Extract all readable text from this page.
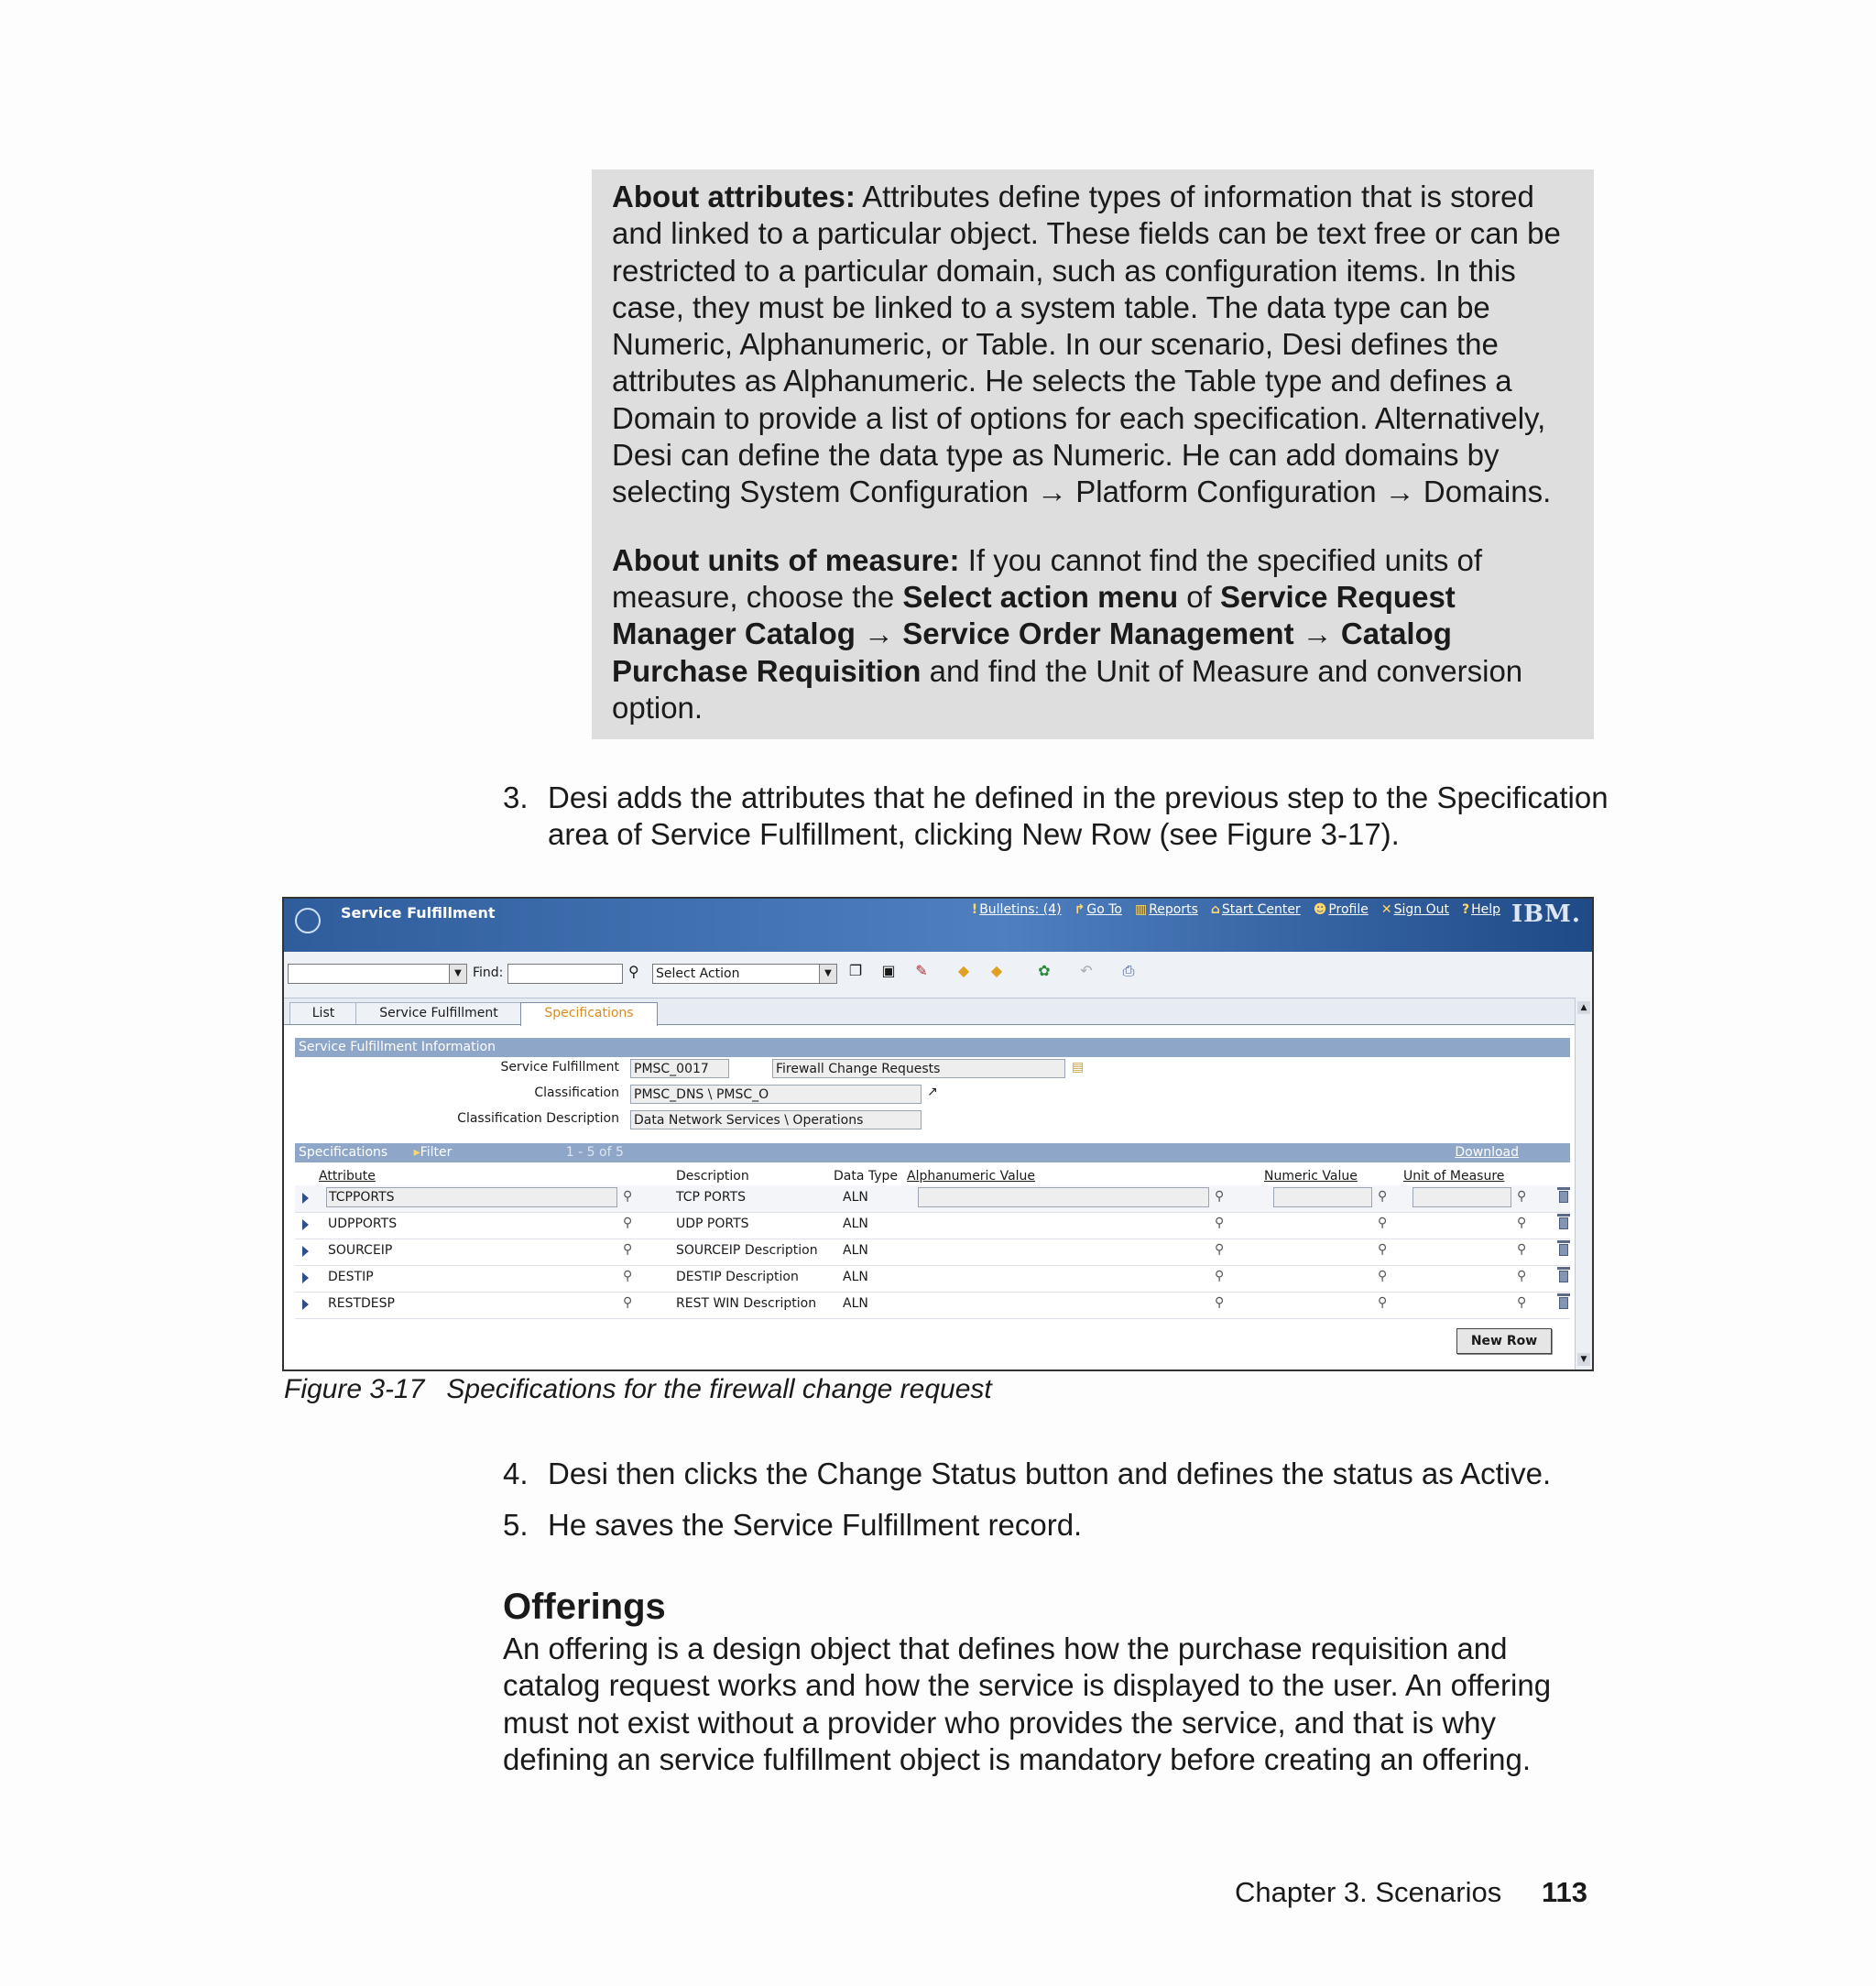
About attributes: Attributes define types of information that is stored and linked to a particular object. These fields can be text free or can be restricted to a particular domain, such as configuration items. In this case, they must be linked to a system table. The data type can be Numeric, Alphanumeric, or Table. In our scenario, Desi defines the attributes as Alphanumeric. He selects the Table type and defines a Domain to provide a list of options for each specification. Alternatively, Desi can define the data type as Numeric. He can add domains by selecting System Configuration → Platform Configuration → Domains.

About units of measure: If you cannot find the specified units of measure, choose the Select action menu of Service Request Manager Catalog → Service Order Management → Catalog Purchase Requisition and find the Unit of Measure and conversion option.

3. Desi adds the attributes that he defined in the previous step to the Specification area of Service Fulfillment, clicking New Row (see Figure 3-17).
Service Fulfillment	! Bulletins: (4) ↱ Go To ▥ Reports ⌂ Start Center ☻ Profile ✕ Sign Out ? Help IBM.
▼ Find:	⚲ Select Action	▼	❐ ▣ ✎ ◆ ◆ ✿ ↶ ⎙
List	Service Fulfillment	Specifications	▲
▼
Service Fulfillment Information
Service Fulfillment PMSC_0017	Firewall Change Requests	▤
Classification PMSC_DNS \ PMSC_O	↗
Classification Description Data Network Services \ Operations
Specifications ▸Filter	1 - 5 of 5	Download
Attribute	Description	Data Type Alphanumeric Value	Numeric Value	Unit of Measure
TCPPORTS	⚲	TCP PORTS	ALN	⚲	⚲	⚲
UDPPORTS	⚲	UDP PORTS	ALN	⚲	⚲	⚲
SOURCEIP	⚲	SOURCEIP Description ALN	⚲	⚲	⚲
DESTIP	⚲	DESTIP Description	ALN	⚲	⚲	⚲
RESTDESP	⚲	REST WIN Description ALN	⚲	⚲	⚲
New Row
Figure 3-17 Specifications for the firewall change request
4. Desi then clicks the Change Status button and defines the status as Active.
5. He saves the Service Fulfillment record.
Offerings

An offering is a design object that defines how the purchase requisition and catalog request works and how the service is displayed to the user. An offering must not exist without a provider who provides the service, and that is why defining an service fulfillment object is mandatory before creating an offering.

Chapter 3. Scenarios 113
